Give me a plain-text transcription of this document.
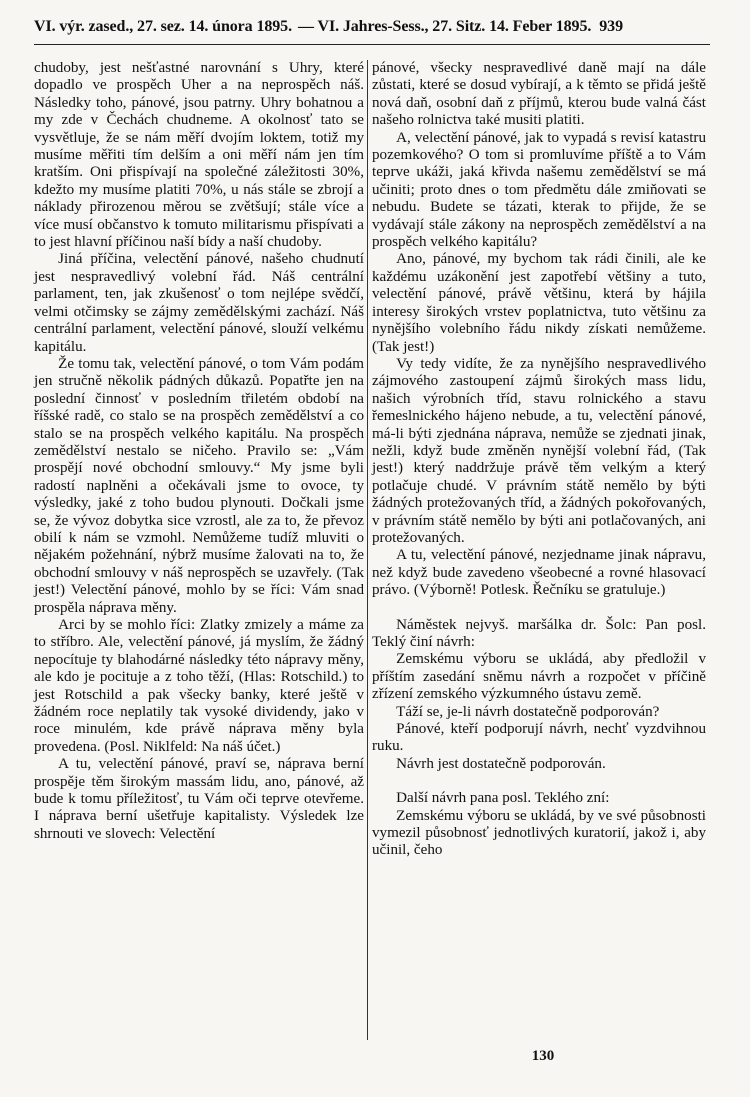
VI. výr. zased., 27. sez. 14. února 1895. — VI. Jahres-Sess., 27. Sitz. 14. Feber 1895. 939

chudoby, jest nešťastné narovnání s Uhry, které dopadlo ve prospěch Uher a na neprospěch náš. Následky toho, pánové, jsou patrny. Uhry bohatnou a my zde v Čechách chudneme. A okolnosť tato se vysvětluje, že se nám měří dvojím loktem, totiž my musíme měřiti tím delším a oni měří nám jen tím kratším. Oni přispívají na společné záležitosti 30%, kdežto my musíme platiti 70%, u nás stále se zbrojí a náklady přirozenou měrou se zvětšují; stále více a více musí občanstvo k tomuto militarismu přispívati a to jest hlavní příčinou naší bídy a naší chudoby.

Jiná příčina, velectění pánové, našeho chudnutí jest nespravedlivý volební řád. Náš centrální parlament, ten, jak zkušenosť o tom nejlépe svědčí, velmi otčimsky se zájmy zemědělskými zachází. Náš centrální parlament, velectění pánové, slouží velkému kapitálu.

Že tomu tak, velectění pánové, o tom Vám podám jen stručně několik pádných důkazů. Popatřte jen na poslední činnosť v posledním třiletém období na říšské radě, co stalo se na prospěch zemědělství a co stalo se na prospěch velkého kapitálu. Na prospěch zemědělství nestalo se ničeho. Pravilo se: „Vám prospějí nové obchodní smlouvy.“ My jsme byli radostí naplněni a očekávali jsme to ovoce, ty výsledky, jaké z toho budou plynouti. Dočkali jsme se, že vývoz dobytka sice vzrostl, ale za to, že převoz obilí k nám se vzmohl. Nemůžeme tudíž mluviti o nějakém požehnání, nýbrž musíme žalovati na to, že obchodní smlouvy v náš neprospěch se uzavřely. (Tak jest!) Velectění pánové, mohlo by se říci: Vám snad prospěla náprava měny.

Arci by se mohlo říci: Zlatky zmizely a máme za to stříbro. Ale, velectění pánové, já myslím, že žádný nepocítuje ty blahodárné následky této nápravy měny, ale kdo je pocituje a z toho těží, (Hlas: Rotschild.) to jest Rotschild a pak všecky banky, které ještě v žádném roce neplatily tak vysoké dividendy, jako v roce minulém, kde právě náprava měny byla provedena. (Posl. Niklfeld: Na náš účet.)

A tu, velectění pánové, praví se, náprava berní prospěje těm širokým massám lidu, ano, pánové, až bude k tomu příležitosť, tu Vám oči teprve otevřeme. I náprava berní ušetřuje kapitalisty. Výsledek lze shrnouti ve slovech: Velectění

pánové, všecky nespravedlivé daně mají na dále zůstati, které se dosud vybírají, a k těmto se přidá ještě nová daň, osobní daň z příjmů, kterou bude valná část našeho rolnictva také musiti platiti.

A, velectění pánové, jak to vypadá s revisí katastru pozemkového? O tom si promluvíme příště a to Vám teprve ukáži, jaká křivda našemu zemědělství se má učiniti; proto dnes o tom předmětu dále zmiňovati se nebudu. Budete se tázati, kterak to přijde, že se vydávají stále zákony na neprospěch zemědělství a na prospěch velkého kapitálu?

Ano, pánové, my bychom tak rádi činili, ale ke každému uzákonění jest zapotřebí většiny a tuto, velectění pánové, právě většinu, která by hájila interesy širokých vrstev poplatnictva, tuto většinu za nynějšího volebního řádu nikdy získati nemůžeme. (Tak jest!)

Vy tedy vidíte, že za nynějšího nespravedlivého zájmového zastoupení zájmů širokých mass lidu, našich výrobních tříd, stavu rolnického a stavu řemeslnického hájeno nebude, a tu, velectění pánové, má-li býti zjednána náprava, nemůže se zjednati jinak, nežli, když bude změněn nynější volební řád, (Tak jest!) který naddržuje právě těm velkým a který potlačuje chudé. V právním státě nemělo by býti žádných protežovaných tříd, a žádných pokořovaných, v právním státě nemělo by býti ani potlačovaných, ani protežovaných.

A tu, velectění pánové, nezjedname jinak nápravu, než když bude zavedeno všeobecné a rovné hlasovací právo. (Výborně! Potlesk. Řečníku se gratuluje.)

Náměstek nejvyš. maršálka dr. Šolc: Pan posl. Teklý činí návrh:

Zemskému výboru se ukládá, aby předložil v příštím zasedání sněmu návrh a rozpočet v příčině zřízení zemského výzkumného ústavu země.

Táží se, je-li návrh dostatečně podporován?

Pánové, kteří podporují návrh, nechť vyzdvihnou ruku.

Návrh jest dostatečně podporován.

Další návrh pana posl. Teklého zní:

Zemskému výboru se ukládá, by ve své působnosti vymezil působnosť jednotlivých kuratorií, jakož i, aby učinil, čeho

130
